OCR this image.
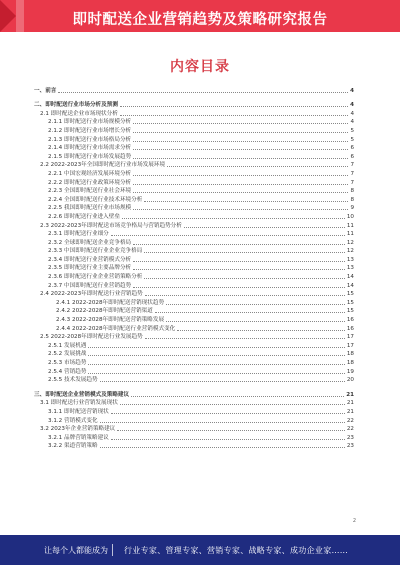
即时配送企业营销趋势及策略研究报告
内容目录
一、前言	4
二、即时配送行业市场分析及预测	4
2.1 即时配送企业市场现状分析	4
2.1.1 即时配送行业市场规模分析	4
2.1.2 即时配送行业市场增长分析	5
2.1.3 即时配送行业市场格局分析	5
2.1.4 即时配送行业市场需求分析	6
2.1.5 即时配送行业市场发展趋势	6
2.2 2022-2023年全国即时配送行业市场发展环境	7
2.2.1 中国宏观经济发展环境分析	7
2.2.2 即时配送行业政策环境分析	7
2.2.3 全国即时配送行业社会环境	8
2.2.4 全国即时配送行业技术环境分析	8
2.2.5 我国即时配送行业市场规模	9
2.2.6 即时配送行业进入壁垒	10
2.3 2022-2023年即时配送市场竞争格局与营销趋势分析	11
2.3.1 即时配送行业细分	11
2.3.2 全球即时配送企业竞争格局	12
2.3.3 中国即时配送行业企业竞争格局	12
2.3.4 即时配送行业营销模式分析	13
2.3.5 即时配送行业主要品牌分析	13
2.3.6 即时配送行业企业营销策略分析	14
2.3.7 中国即时配送行业营销趋势	14
2.4 2022-2023年即时配送行业营销趋势	15
2.4.1 2022-2028年即时配送营销现状趋势	15
2.4.2 2022-2028年即时配送营销渠道	15
2.4.3 2022-2028年即时配送营销策略发展	16
2.4.4 2022-2028年即时配送行业营销模式变化	16
2.5 2022-2028年即时配送行业发展趋势	17
2.5.1 发展机遇	17
2.5.2 发展挑战	18
2.5.3 市场趋势	18
2.5.4 营销趋势	19
2.5.5 技术发展趋势	20
三、即时配送企业营销模式及策略建议	21
3.1 即时配送行业营销发展现状	21
3.1.1 即时配送营销现状	21
3.1.2 营销模式变化	22
3.2 2023年企业营销策略建议	22
3.2.1 品牌营销策略建议	23
3.2.2 渠道营销策略	23
2
让每个人都能成为 行业专家、管理专家、营销专家、战略专家、成功企业家……
